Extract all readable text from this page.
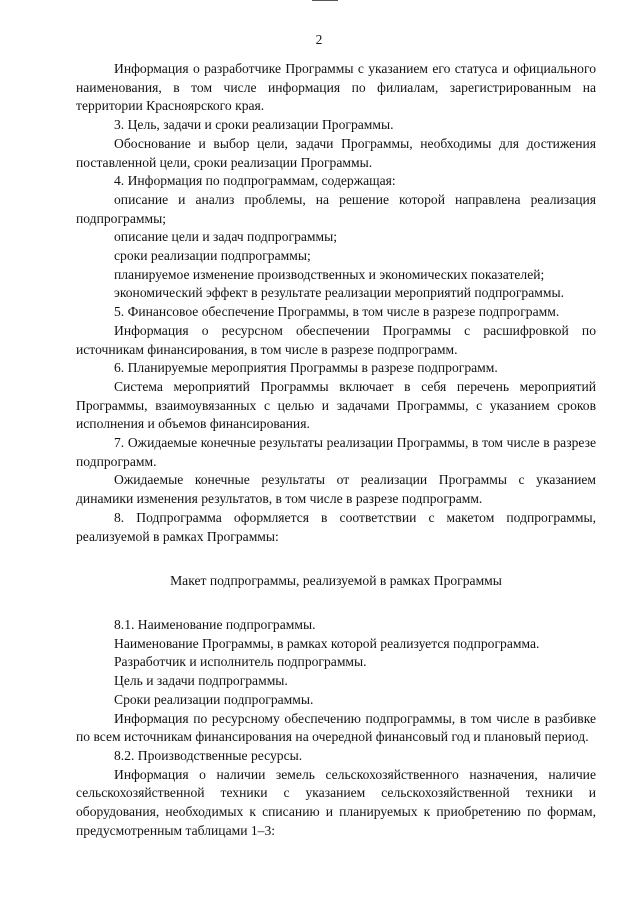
2

Информация о разработчике Программы с указанием его статуса и официального наименования, в том числе информация по филиалам, зарегистрированным на территории Красноярского края.

3. Цель, задачи и сроки реализации Программы.

Обоснование и выбор цели, задачи Программы, необходимы для достижения поставленной цели, сроки реализации Программы.

4. Информация по подпрограммам, содержащая:

описание и анализ проблемы, на решение которой направлена реализация подпрограммы;

описание цели и задач подпрограммы;

сроки реализации подпрограммы;

планируемое изменение производственных и экономических показателей;

экономический эффект в результате реализации мероприятий подпрограммы.

5. Финансовое обеспечение Программы, в том числе в разрезе подпрограмм.

Информация о ресурсном обеспечении Программы с расшифровкой по источникам финансирования, в том числе в разрезе подпрограмм.

6. Планируемые мероприятия Программы в разрезе подпрограмм.

Система мероприятий Программы включает в себя перечень мероприятий Программы, взаимоувязанных с целью и задачами Программы, с указанием сроков исполнения и объемов финансирования.

7. Ожидаемые конечные результаты реализации Программы, в том числе в разрезе подпрограмм.

Ожидаемые конечные результаты от реализации Программы с указанием динамики изменения результатов, в том числе в разрезе подпрограмм.

8. Подпрограмма оформляется в соответствии с макетом подпрограммы, реализуемой в рамках Программы:

Макет подпрограммы, реализуемой в рамках Программы

8.1. Наименование подпрограммы.

Наименование Программы, в рамках которой реализуется подпрограмма.

Разработчик и исполнитель подпрограммы.

Цель и задачи подпрограммы.

Сроки реализации подпрограммы.

Информация по ресурсному обеспечению подпрограммы, в том числе в разбивке по всем источникам финансирования на очередной финансовый год и плановый период.

8.2. Производственные ресурсы.

Информация о наличии земель сельскохозяйственного назначения, наличие сельскохозяйственной техники с указанием сельскохозяйственной техники и оборудования, необходимых к списанию и планируемых к приобретению по формам, предусмотренным таблицами 1–3:
